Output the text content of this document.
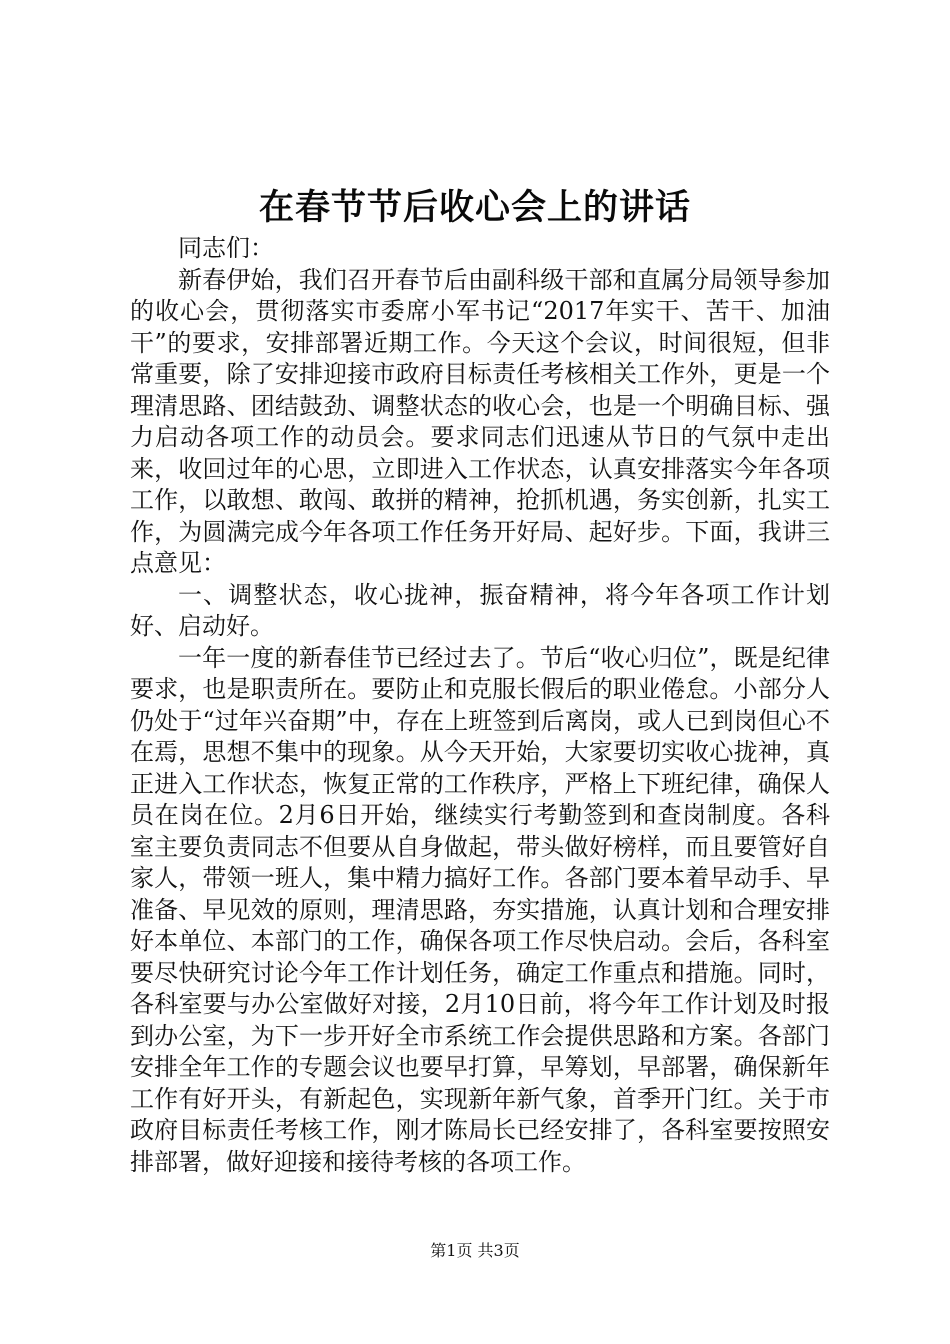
在春节节后收心会上的讲话

同志们：

新春伊始，我们召开春节后由副科级干部和直属分局领导参加的收心会，贯彻落实市委席小军书记“2017年实干、苦干、加油干”的要求，安排部署近期工作。今天这个会议，时间很短，但非常重要，除了安排迎接市政府目标责任考核相关工作外，更是一个理清思路、团结鼓劲、调整状态的收心会，也是一个明确目标、强力启动各项工作的动员会。要求同志们迅速从节日的气氛中走出来，收回过年的心思，立即进入工作状态，认真安排落实今年各项工作，以敢想、敢闯、敢拼的精神，抢抓机遇，务实创新，扎实工作，为圆满完成今年各项工作任务开好局、起好步。下面，我讲三点意见：

一、调整状态，收心拢神，振奋精神，将今年各项工作计划好、启动好。

一年一度的新春佳节已经过去了。节后“收心归位”，既是纪律要求，也是职责所在。要防止和克服长假后的职业倦怠。小部分人仍处于“过年兴奋期”中，存在上班签到后离岗，或人已到岗但心不在焉，思想不集中的现象。从今天开始，大家要切实收心拢神，真正进入工作状态，恢复正常的工作秩序，严格上下班纪律，确保人员在岗在位。2月6日开始，继续实行考勤签到和查岗制度。各科室主要负责同志不但要从自身做起，带头做好榜样，而且要管好自家人，带领一班人，集中精力搞好工作。各部门要本着早动手、早准备、早见效的原则，理清思路，夯实措施，认真计划和合理安排好本单位、本部门的工作，确保各项工作尽快启动。会后，各科室要尽快研究讨论今年工作计划任务，确定工作重点和措施。同时，各科室要与办公室做好对接，2月10日前，将今年工作计划及时报到办公室，为下一步开好全市系统工作会提供思路和方案。各部门安排全年工作的专题会议也要早打算，早筹划，早部署，确保新年工作有好开头，有新起色，实现新年新气象，首季开门红。关于市政府目标责任考核工作，刚才陈局长已经安排了，各科室要按照安排部署，做好迎接和接待考核的各项工作。

第1页 共3页
